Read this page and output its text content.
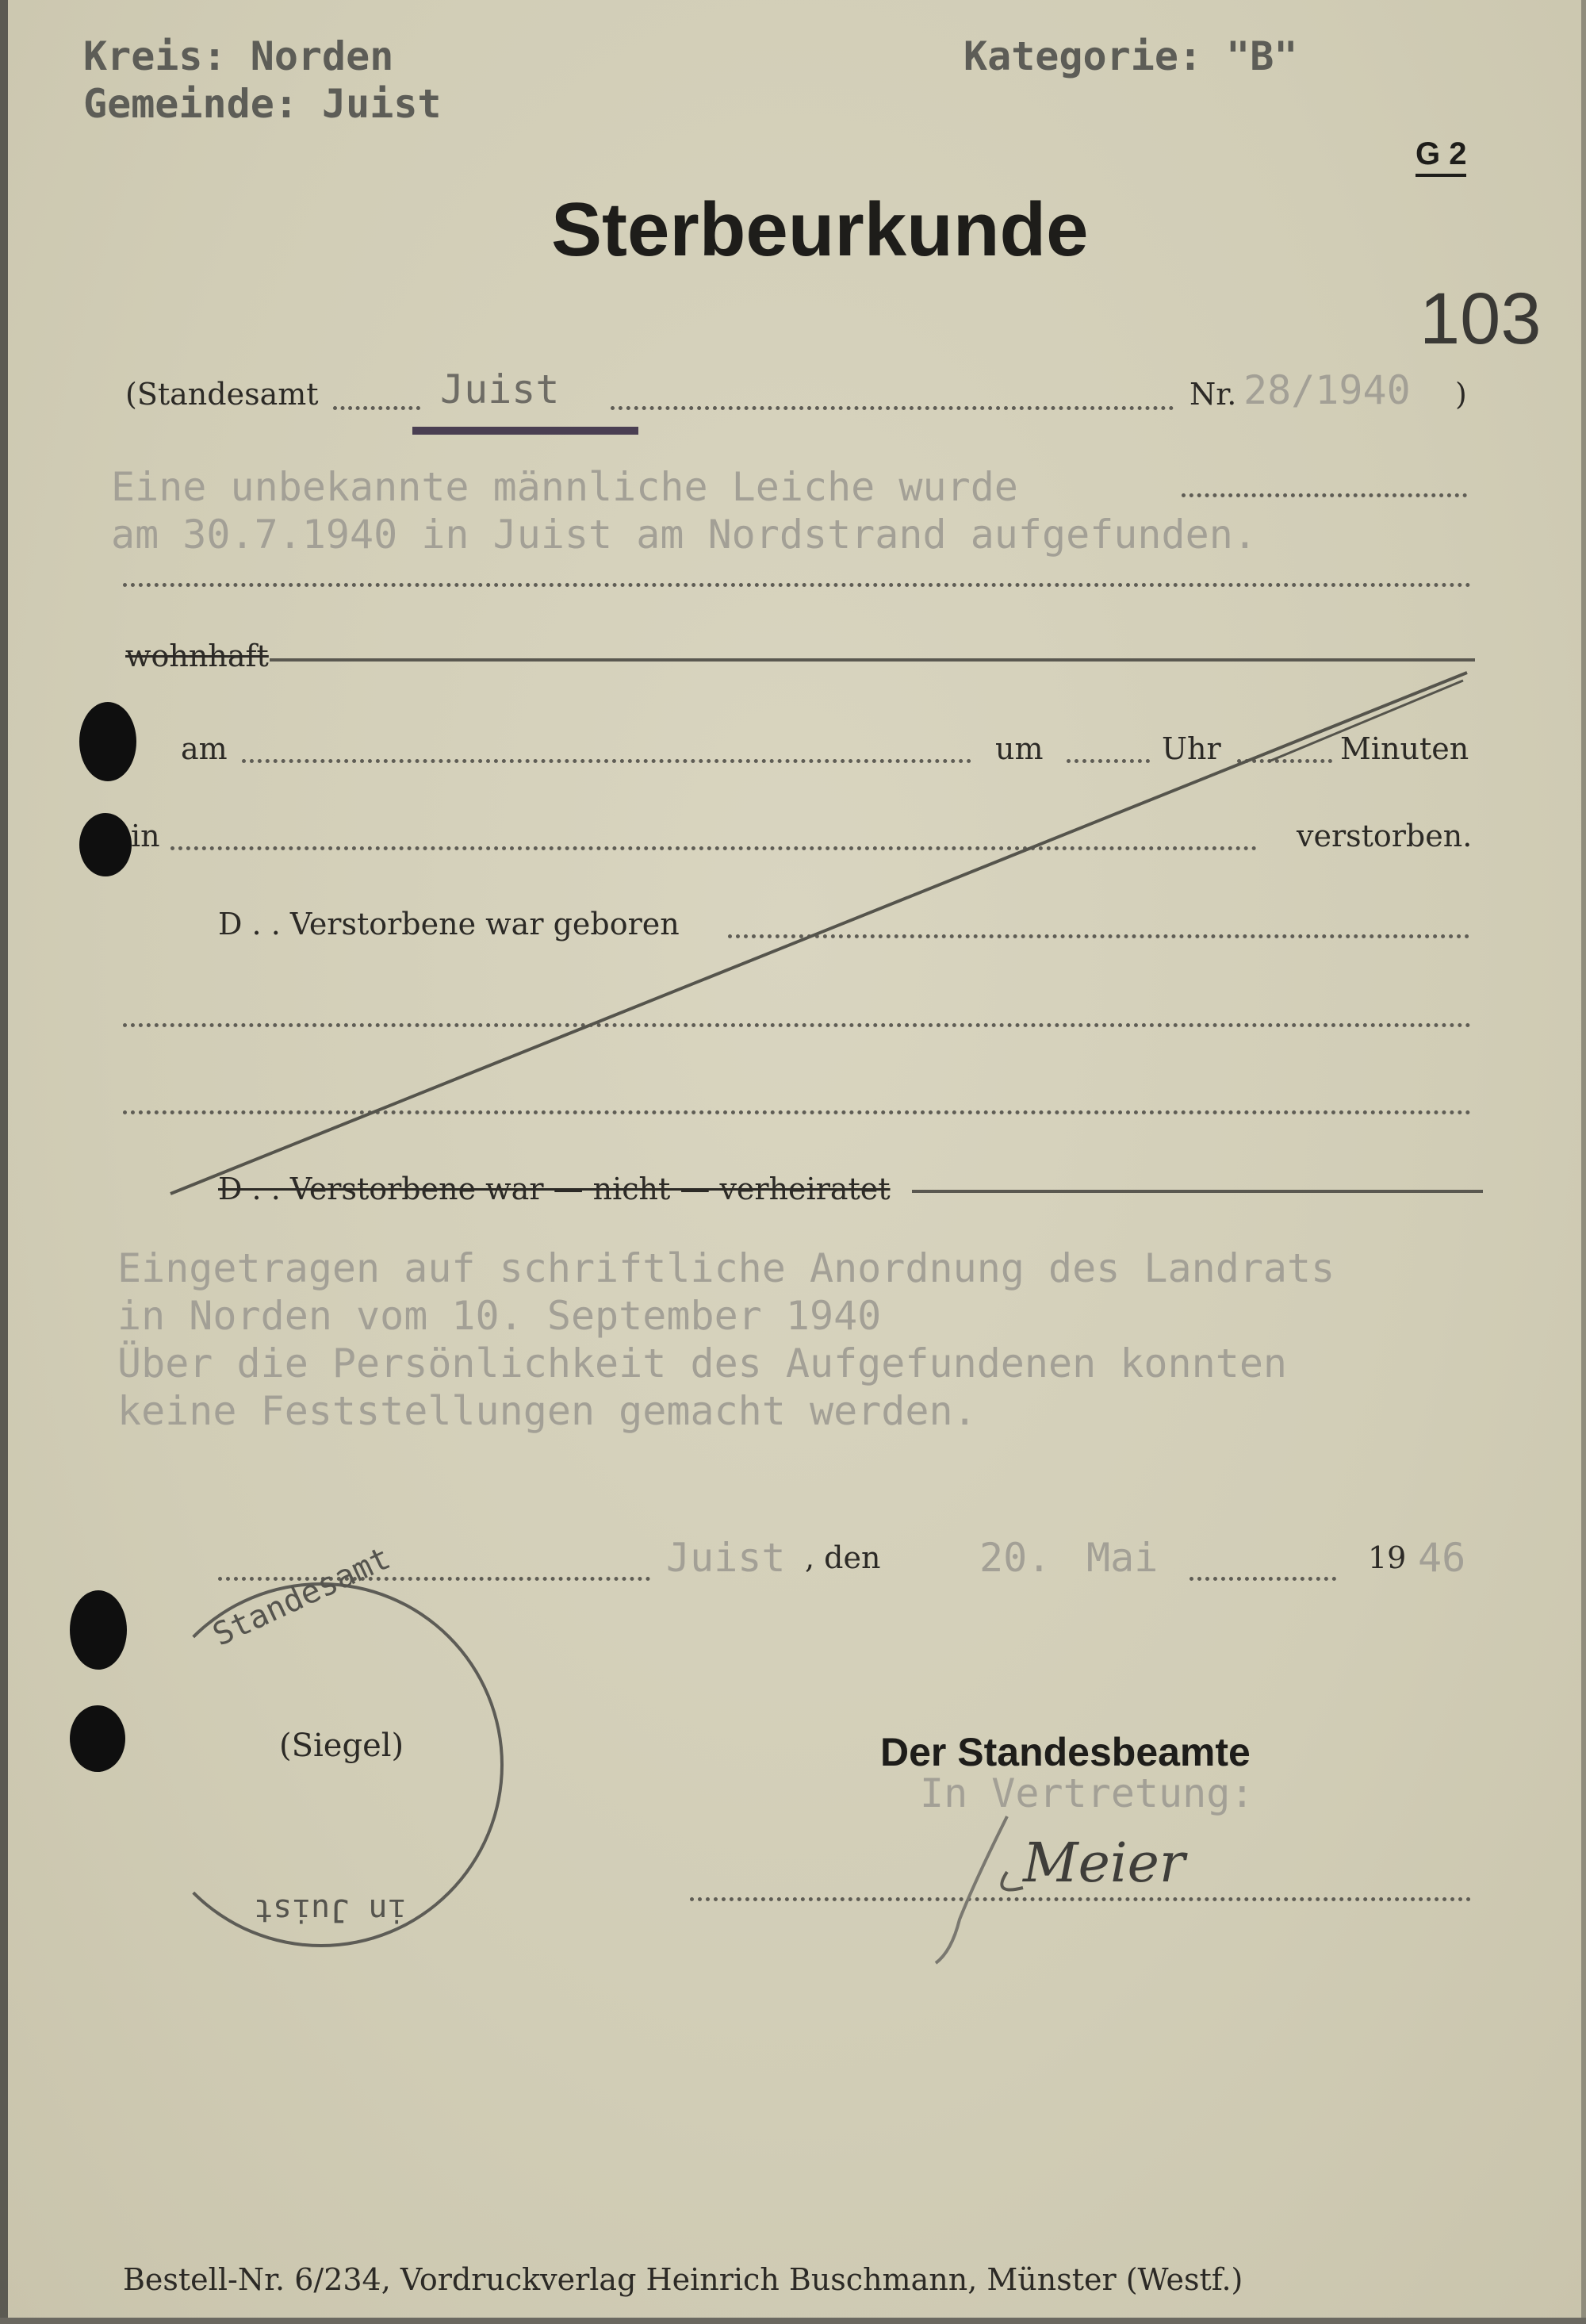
Kreis: Norden
Gemeinde: Juist
Kategorie: "B"
G 2
Sterbeurkunde
103
(Standesamt	Juist	Nr. 28/1940 )
Eine unbekannte männliche Leiche wurde
am 30.7.1940 in Juist am Nordstrand aufgefunden.
wohnhaft
am	um	Uhr	Minuten
in	verstorben.
D . . Verstorbene war geboren
D . . Verstorbene war — nicht — verheiratet
Eingetragen auf schriftliche Anordnung des Landrats
in Norden vom 10. September 1940
Über die Persönlichkeit des Aufgefundenen konnten
keine Feststellungen gemacht werden.
Juist , den 20. Mai	19 46
(Siegel)
Standesamt
in Juist
Der Standesbeamte
In Vertretung:
Meier
Bestell-Nr. 6/234, Vordruckverlag Heinrich Buschmann, Münster (Westf.)
